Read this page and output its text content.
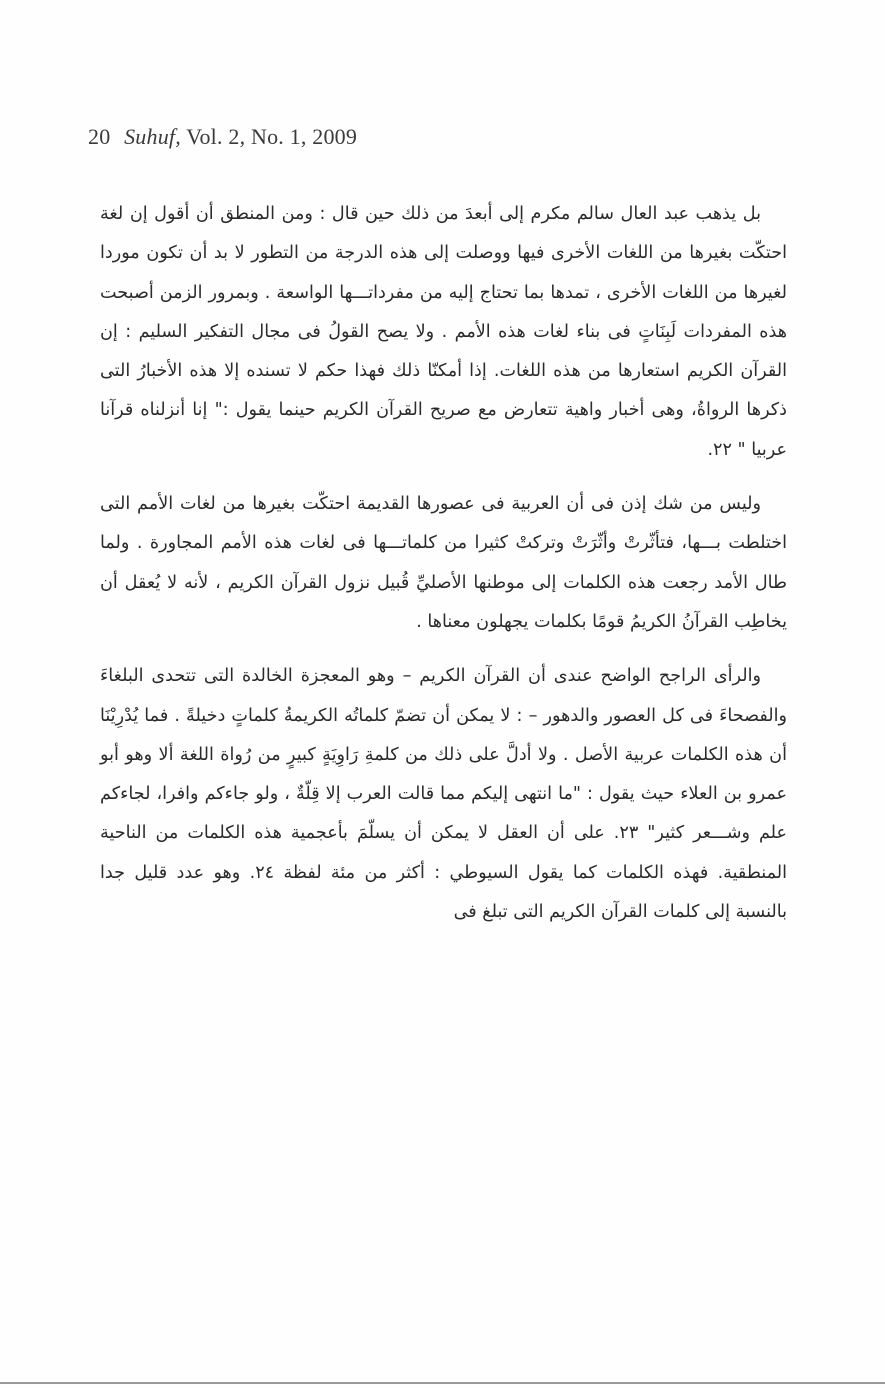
20 Suhuf, Vol. 2, No. 1, 2009

بل يذهب عبد العال سالم مكرم إلى أبعدَ من ذلك حين قال : ومن المنطق أن أقول إن لغة احتكّت بغيرها من اللغات الأخرى فيها ووصلت إلى هذه الدرجة من التطور لا بد أن تكون موردا لغيرها من اللغات الأخرى ، تمدها بما تحتاج إليه من مفرداتـــها الواسعة . وبمرور الزمن أصبحت هذه المفردات لَبِنَاتٍ فى بناء لغات هذه الأمم . ولا يصح القولُ فى مجال التفكير السليم : إن القرآن الكريم استعارها من هذه اللغات. إذا أمكنّا ذلك فهذا حكم لا تسنده إلا هذه الأخبارُ التى ذكرها الرواةُ، وهى أخبار واهية تتعارض مع صريح القرآن الكريم حينما يقول :" إنا أنزلناه قرآنا عربيا " ٢٢.

وليس من شك إذن فى أن العربية فى عصورها القديمة احتكّت بغيرها من لغات الأمم التى اختلطت بـــها، فتأثّرتْ وأثّرَتْ وتركتْ كثيرا من كلماتـــها فى لغات هذه الأمم المجاورة . ولما طال الأمد رجعت هذه الكلمات إلى موطنها الأصليِّ قُبيل نزول القرآن الكريم ، لأنه لا يُعقل أن يخاطِب القرآنُ الكريمُ قومًا بكلمات يجهلون معناها .

والرأى الراجح الواضح عندى أن القرآن الكريم – وهو المعجزة الخالدة التى تتحدى البلغاءَ والفصحاءَ فى كل العصور والدهور – : لا يمكن أن تضمّ كلماتُه الكريمةُ كلماتٍ دخيلةً . فما يُدْرِيْنَا أن هذه الكلمات عربية الأصل . ولا أدلَّ على ذلك من كلمةِ رَاوِيَةٍ كبيرٍ من رُواة اللغة ألا وهو أبو عمرو بن العلاء حيث يقول : "ما انتهى إليكم مما قالت العرب إلا قِلّةٌ ، ولو جاءكم وافرا، لجاءكم علم وشـــعر كثير" ٢٣. على أن العقل لا يمكن أن يسلّمَ بأعجمية هذه الكلمات من الناحية المنطقية. فهذه الكلمات كما يقول السيوطي : أكثر من مئة لفظة ٢٤. وهو عدد قليل جدا بالنسبة إلى كلمات القرآن الكريم التى تبلغ فى
